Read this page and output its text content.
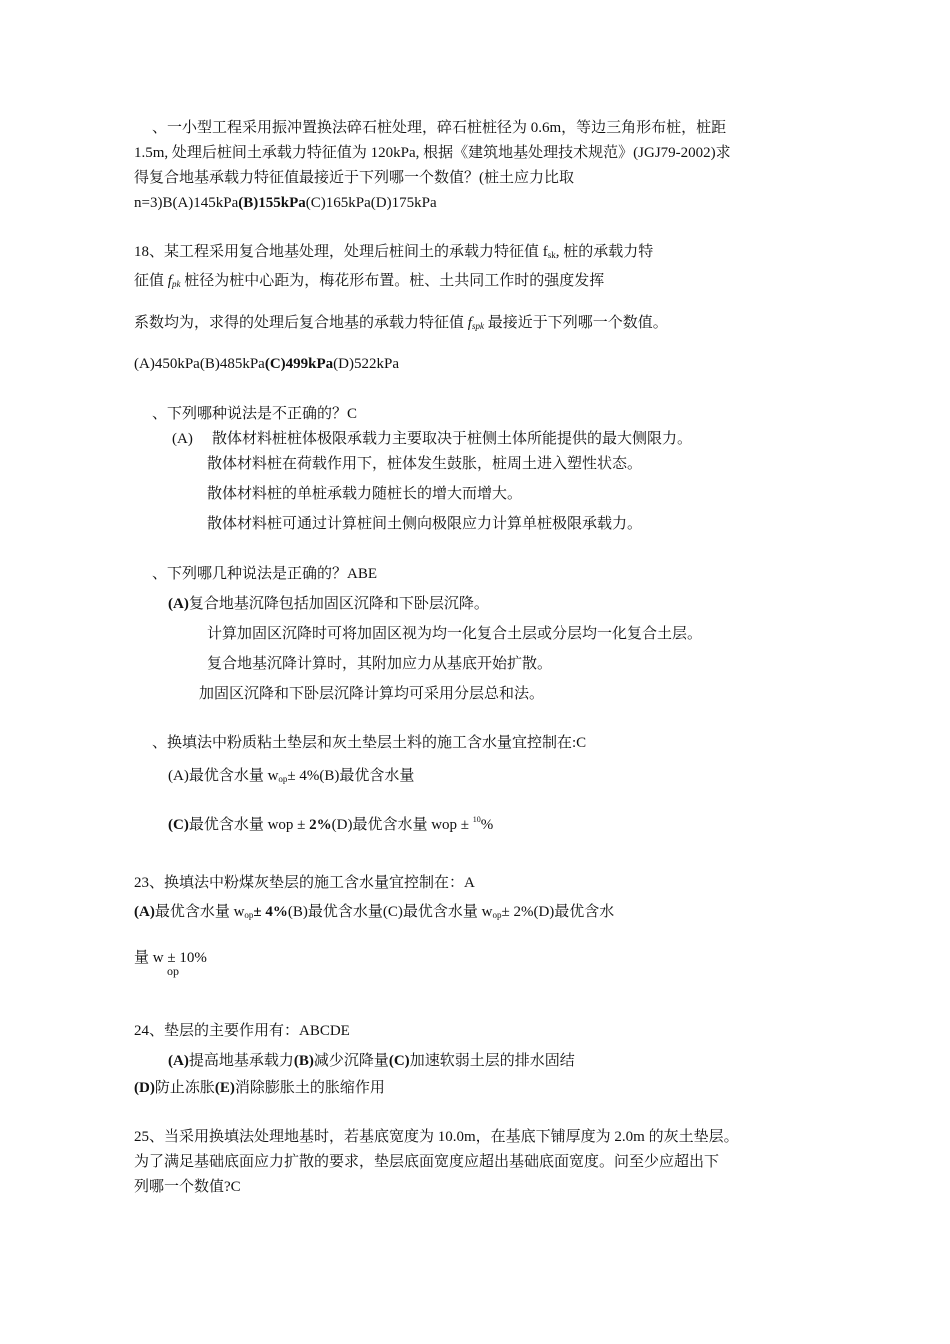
、一小型工程采用振冲置换法碎石桩处理，碎石桩桩径为 0.6m，等边三角形布桩，桩距
1.5m, 处理后桩间土承载力特征值为 120kPa, 根据《建筑地基处理技术规范》(JGJ79-2002)求
得复合地基承载力特征值最接近于下列哪一个数值？(桩土应力比取
n=3)B(A)145kPa(B)155kPa(C)165kPa(D)175kPa
18、某工程采用复合地基处理，处理后桩间土的承载力特征值 $f_{sk}$, 桩的承载力特
征值 $f_{pk}$ 桩径为桩中心距为，梅花形布置。桩、土共同工作时的强度发挥
系数均为，求得的处理后复合地基的承载力特征值 $f_{spk}$ 最接近于下列哪一个数值。
(A)450kPa(B)485kPa(C)499kPa(D)522kPa
、下列哪种说法是不正确的？C
(A) 散体材料桩桩体极限承载力主要取决于桩侧土体所能提供的最大侧限力。
散体材料桩在荷载作用下，桩体发生鼓胀，桩周土进入塑性状态。
散体材料桩的单桩承载力随桩长的增大而增大。
散体材料桩可通过计算桩间土侧向极限应力计算单桩极限承载力。
、下列哪几种说法是正确的？ABE
(A)复合地基沉降包括加固区沉降和下卧层沉降。
计算加固区沉降时可将加固区视为均一化复合土层或分层均一化复合土层。
复合地基沉降计算时，其附加应力从基底开始扩散。
加固区沉降和下卧层沉降计算均可采用分层总和法。
、换填法中粉质粘土垫层和灰土垫层土料的施工含水量宜控制在:C
(A)最优含水量 $w_{op}\pm 4\%(B)$最优含水量
(C)最优含水量 wop ± 2%(D)最优含水量 wop ± $^{10}$%
23、换填法中粉煤灰垫层的施工含水量宜控制在：A
(A)最优含水量 $w_{op}\pm 4\%(B)$最优含水量(C)最优含水量 $w_{op}\pm 2\%(D)$最优含水
量 w ± 10%
op
24、垫层的主要作用有：ABCDE
(A)提高地基承载力(B)减少沉降量(C)加速软弱土层的排水固结
(D)防止冻胀(E)消除膨胀土的胀缩作用
25、当采用换填法处理地基时，若基底宽度为 10.0m，在基底下铺厚度为 2.0m 的灰土垫层。
为了满足基础底面应力扩散的要求，垫层底面宽度应超出基础底面宽度。问至少应超出下
列哪一个数值?C
